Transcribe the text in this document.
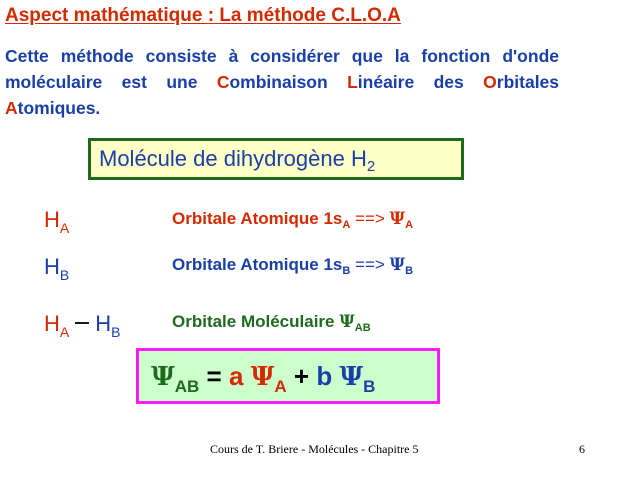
Aspect mathématique : La méthode C.L.O.A
Cette méthode consiste à considérer que la fonction d'onde moléculaire est une Combinaison Linéaire des Orbitales Atomiques.
Molécule de dihydrogène $H_2$
$H_A$	Orbitale Atomique $1s_A$ ==> $\Psi_A$
$H_B$
Orbitale Atomique $1s_B$ ==> $\Psi_B$
$H_A$ $H_B$
Orbitale Moléculaire $\Psi_{AB}$
$\Psi_{AB} = a$ $\Psi_A + b$ $\Psi_B$
Cours de T. Briere - Molécules - Chapitre 5	6
